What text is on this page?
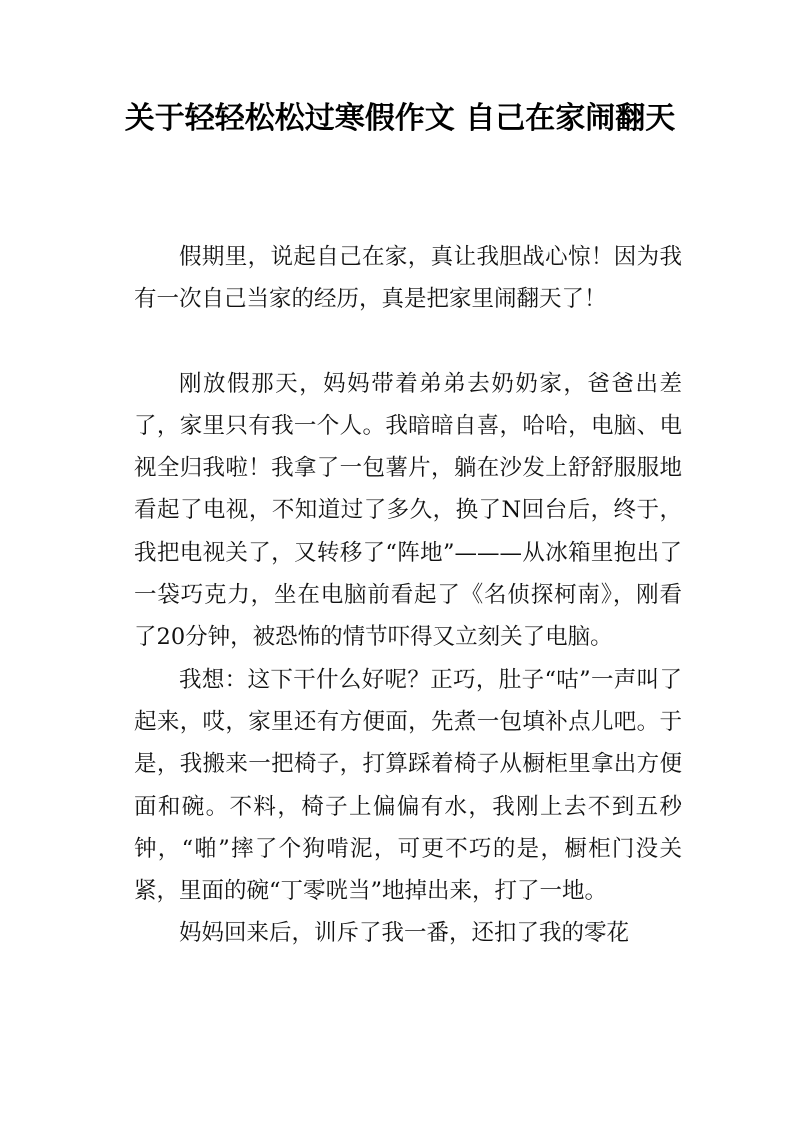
关于轻轻松松过寒假作文 自己在家闹翻天

假期里，说起自己在家，真让我胆战心惊！因为我有一次自己当家的经历，真是把家里闹翻天了！

刚放假那天，妈妈带着弟弟去奶奶家，爸爸出差了，家里只有我一个人。我暗暗自喜，哈哈，电脑、电视全归我啦！我拿了一包薯片，躺在沙发上舒舒服服地看起了电视，不知道过了多久，换了N回台后，终于，我把电视关了，又转移了“阵地”———从冰箱里抱出了一袋巧克力，坐在电脑前看起了《名侦探柯南》，刚看了20分钟，被恐怖的情节吓得又立刻关了电脑。

我想：这下干什么好呢？正巧，肚子“咕”一声叫了起来，哎，家里还有方便面，先煮一包填补点儿吧。于是，我搬来一把椅子，打算踩着椅子从橱柜里拿出方便面和碗。不料，椅子上偏偏有水，我刚上去不到五秒钟，“啪”摔了个狗啃泥，可更不巧的是，橱柜门没关紧，里面的碗“丁零咣当”地掉出来，打了一地。

妈妈回来后，训斥了我一番，还扣了我的零花
